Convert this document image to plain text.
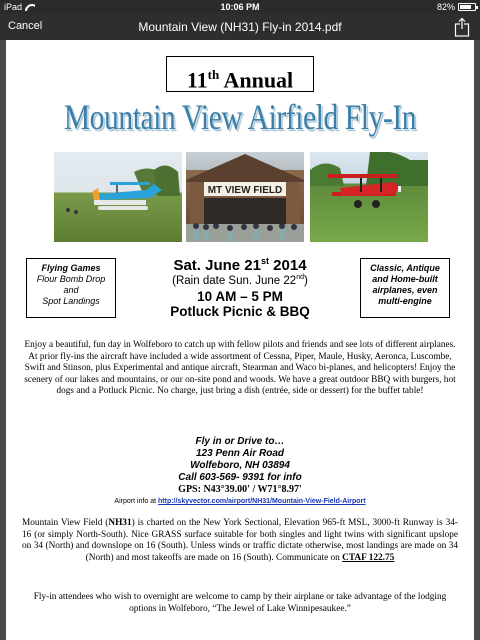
iPad	10:06 PM	82%
Cancel	Mountain View (NH31) Fly-in 2014.pdf
11th Annual
Mountain View Airfield Fly-In
MT VIEW FIELD
Flying Games
Flour Bomb Drop
and
Spot Landings
Sat. June 21st 2014
(Rain date Sun. June 22nd)
10 AM – 5 PM
Potluck Picnic & BBQ
Classic, Antique
and Home-built
airplanes, even
multi-engine
Enjoy a beautiful, fun day in Wolfeboro to catch up with fellow pilots and friends and see lots of different airplanes. At prior fly-ins the aircraft have included a wide assortment of Cessna, Piper, Maule, Husky, Aeronca, Luscombe, Swift and Stinson, plus Experimental and antique aircraft, Stearman and Waco bi-planes, and helicopters! Enjoy the scenery of our lakes and mountains, or our on-site pond and woods. We have a great outdoor BBQ with burgers, hot dogs and a Potluck Picnic. No charge, just bring a dish (entrée, side or dessert) for the buffet table!
Fly in or Drive to…
123 Penn Air Road
Wolfeboro, NH 03894
Call 603-569- 9391 for info
GPS: N43°39.00' / W71°8.97'
Airport info at http://skyvector.com/airport/NH31/Mountain-View-Field-Airport
Mountain View Field (NH31) is charted on the New York Sectional, Elevation 965-ft MSL, 3000-ft Runway is 34-16 (or simply North-South). Nice GRASS surface suitable for both singles and light twins with significant upslope on 34 (North) and downslope on 16 (South). Unless winds or traffic dictate otherwise, most landings are made on 34 (North) and most takeoffs are made on 16 (South). Communicate on CTAF 122.75
Fly-in attendees who wish to overnight are welcome to camp by their airplane or take advantage of the lodging options in Wolfeboro, “The Jewel of Lake Winnipesaukee.”
